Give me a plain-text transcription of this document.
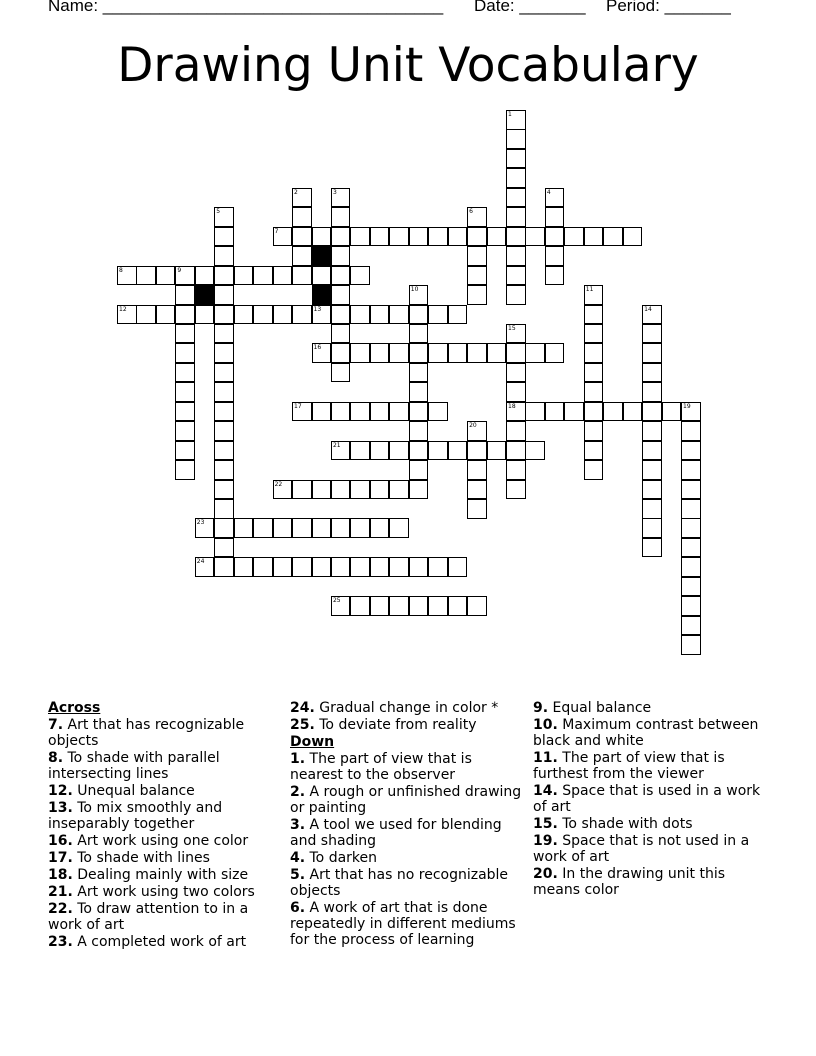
Name: ____________________________________ Date: _______ Period: _______
Drawing Unit Vocabulary
7
8	9
12	13
16
17	18	19
21
22
23
24
25
1
2	3	4
5	6
10	11
14
15
20
Across
7. Art that has recognizable objects
8. To shade with parallel intersecting lines
12. Unequal balance
13. To mix smoothly and inseparably together
16. Art work using one color
17. To shade with lines
18. Dealing mainly with size
21. Art work using two colors
22. To draw attention to in a work of art
23. A completed work of art
24. Gradual change in color *
25. To deviate from reality
Down
1. The part of view that is nearest to the observer
2. A rough or unfinished drawing or painting
3. A tool we used for blending and shading
4. To darken
5. Art that has no recognizable objects
6. A work of art that is done repeatedly in different mediums for the process of learning
9. Equal balance
10. Maximum contrast between black and white
11. The part of view that is furthest from the viewer
14. Space that is used in a work of art
15. To shade with dots
19. Space that is not used in a work of art
20. In the drawing unit this means color
